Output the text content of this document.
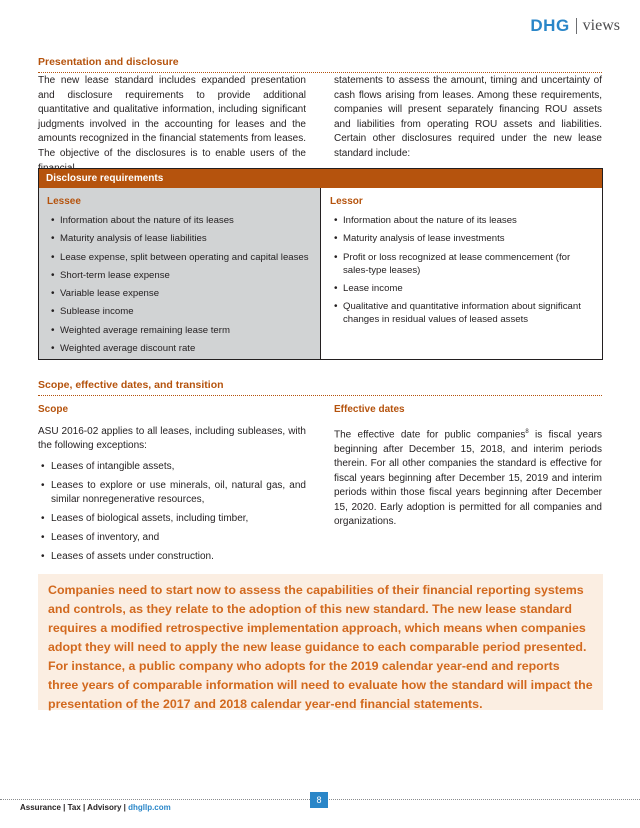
DHG views
Presentation and disclosure

The new lease standard includes expanded presentation and disclosure requirements to provide additional quantitative and qualitative information, including significant judgments involved in the accounting for leases and the amounts recognized in the financial statements from leases. The objective of the disclosures is to enable users of the

statements to assess the amount, timing and uncertainty of cash flows arising from leases. Among these requirements, companies will present separately financing ROU assets and liabilities from operating ROU assets and liabilities. Certain other disclosures required under the new lease standard include:

Disclosure requirements
Lessee
• Information about the nature of its leases
• Maturity analysis of lease liabilities
• Lease expense, split between operating and capital leases
• Short-term lease expense
• Variable lease expense
• Sublease income
• Weighted average remaining lease term
• Weighted average discount rate
Lessor
• Information about the nature of its leases
• Maturity analysis of lease investments
• Profit or loss recognized at lease commencement (for sales-type leases)
• Lease income
• Qualitative and quantitative information about significant changes in residual values of leased assets
Scope, effective dates, and transition
Scope

ASU 2016-02 applies to all leases, including subleases, with the following exceptions:

• Leases of intangible assets,
• Leases to explore or use minerals, oil, natural gas, and similar nonregenerative resources,
• Leases of biological assets, including timber,
• Leases of inventory, and
• Leases of assets under construction.
Effective dates

The effective date for public companies$^8$ is fiscal years beginning after December 15, 2018, and interim periods therein. For all other companies the standard is effective for fiscal years beginning after December 15, 2019 and interim periods within those fiscal years beginning after December 15, 2020. Early adoption is permitted for all companies and organizations.

Companies need to start now to assess the capabilities of their financial reporting systems and controls, as they relate to the adoption of this new standard. The new lease standard requires a modified retrospective implementation approach, which means when companies adopt they will need to apply the new lease guidance to each comparable period presented. For instance, a public company who adopts for the 2019 calendar year-end and reports three years of comparable information will need to evaluate how the standard will impact the presentation of the 2017 and 2018 calendar year-end financial statements.

Assurance | Tax | Advisory | dhgllp.com
8
